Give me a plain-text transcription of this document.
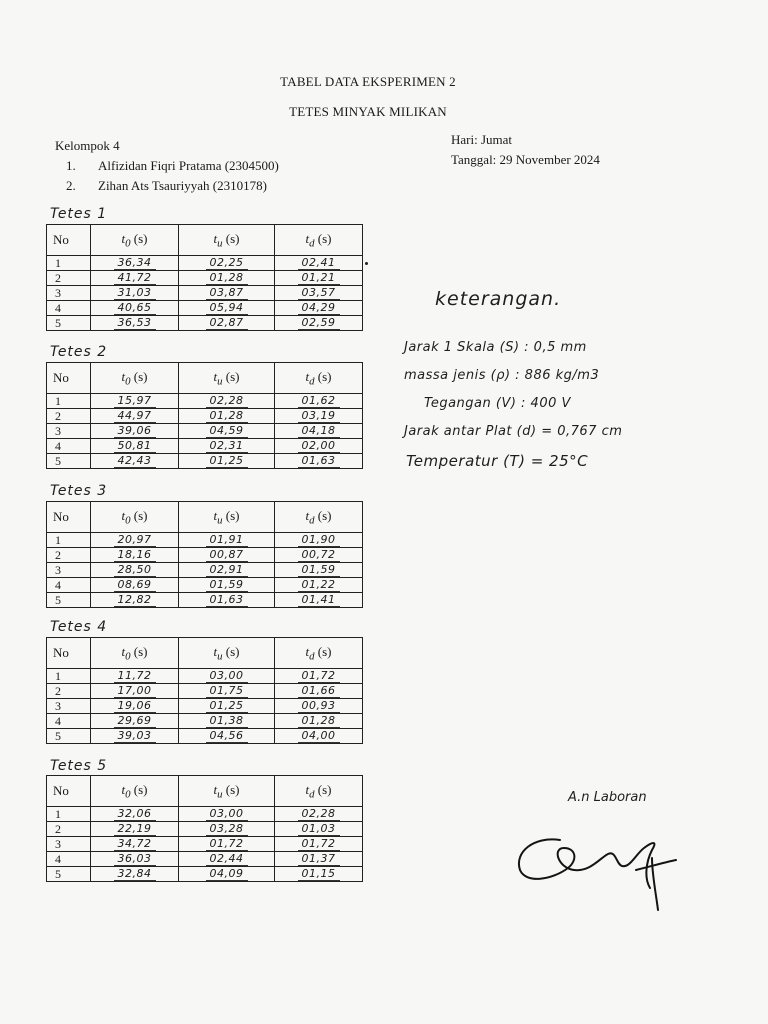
TABEL DATA EKSPERIMEN 2
TETES MINYAK MILIKAN
Kelompok 4
1. Alfizidan Fiqri Pratama (2304500)
2. Zihan Ats Tsauriyyah (2310178)
Hari: Jumat
Tanggal: 29 November 2024
Tetes 1
No	$t_0$ (s)	$t_u$ (s)	$t_d$ (s)
1	36,34	02,25	02,41
2	41,72	01,28	01,21
3	31,03	03,87	03,57
4	40,65	05,94	04,29
5	36,53	02,87	02,59
Tetes 2
No	$t_0$ (s)	$t_u$ (s)	$t_d$ (s)
1	15,97	02,28	01,62
2	44,97	01,28	03,19
3	39,06	04,59	04,18
4	50,81	02,31	02,00
5	42,43	01,25	01,63
Tetes 3
No	$t_0$ (s)	$t_u$ (s)	$t_d$ (s)
1	20,97	01,91	01,90
2	18,16	00,87	00,72
3	28,50	02,91	01,59
4	08,69	01,59	01,22
5	12,82	01,63	01,41
Tetes 4
No	$t_0$ (s)	$t_u$ (s)	$t_d$ (s)
1	11,72	03,00	01,72
2	17,00	01,75	01,66
3	19,06	01,25	00,93
4	29,69	01,38	01,28
5	39,03	04,56	04,00
Tetes 5
No	$t_0$ (s)	$t_u$ (s)	$t_d$ (s)
1	32,06	03,00	02,28
2	22,19	03,28	01,03
3	34,72	01,72	01,72
4	36,03	02,44	01,37
5	32,84	04,09	01,15
keterangan.
Jarak 1 Skala (S) : 0,5 mm
massa jenis (ρ) : 886 kg/m3
Tegangan (V) : 400 V
Jarak antar Plat (d) = 0,767 cm
Temperatur (T) = 25°C
A.n Laboran
